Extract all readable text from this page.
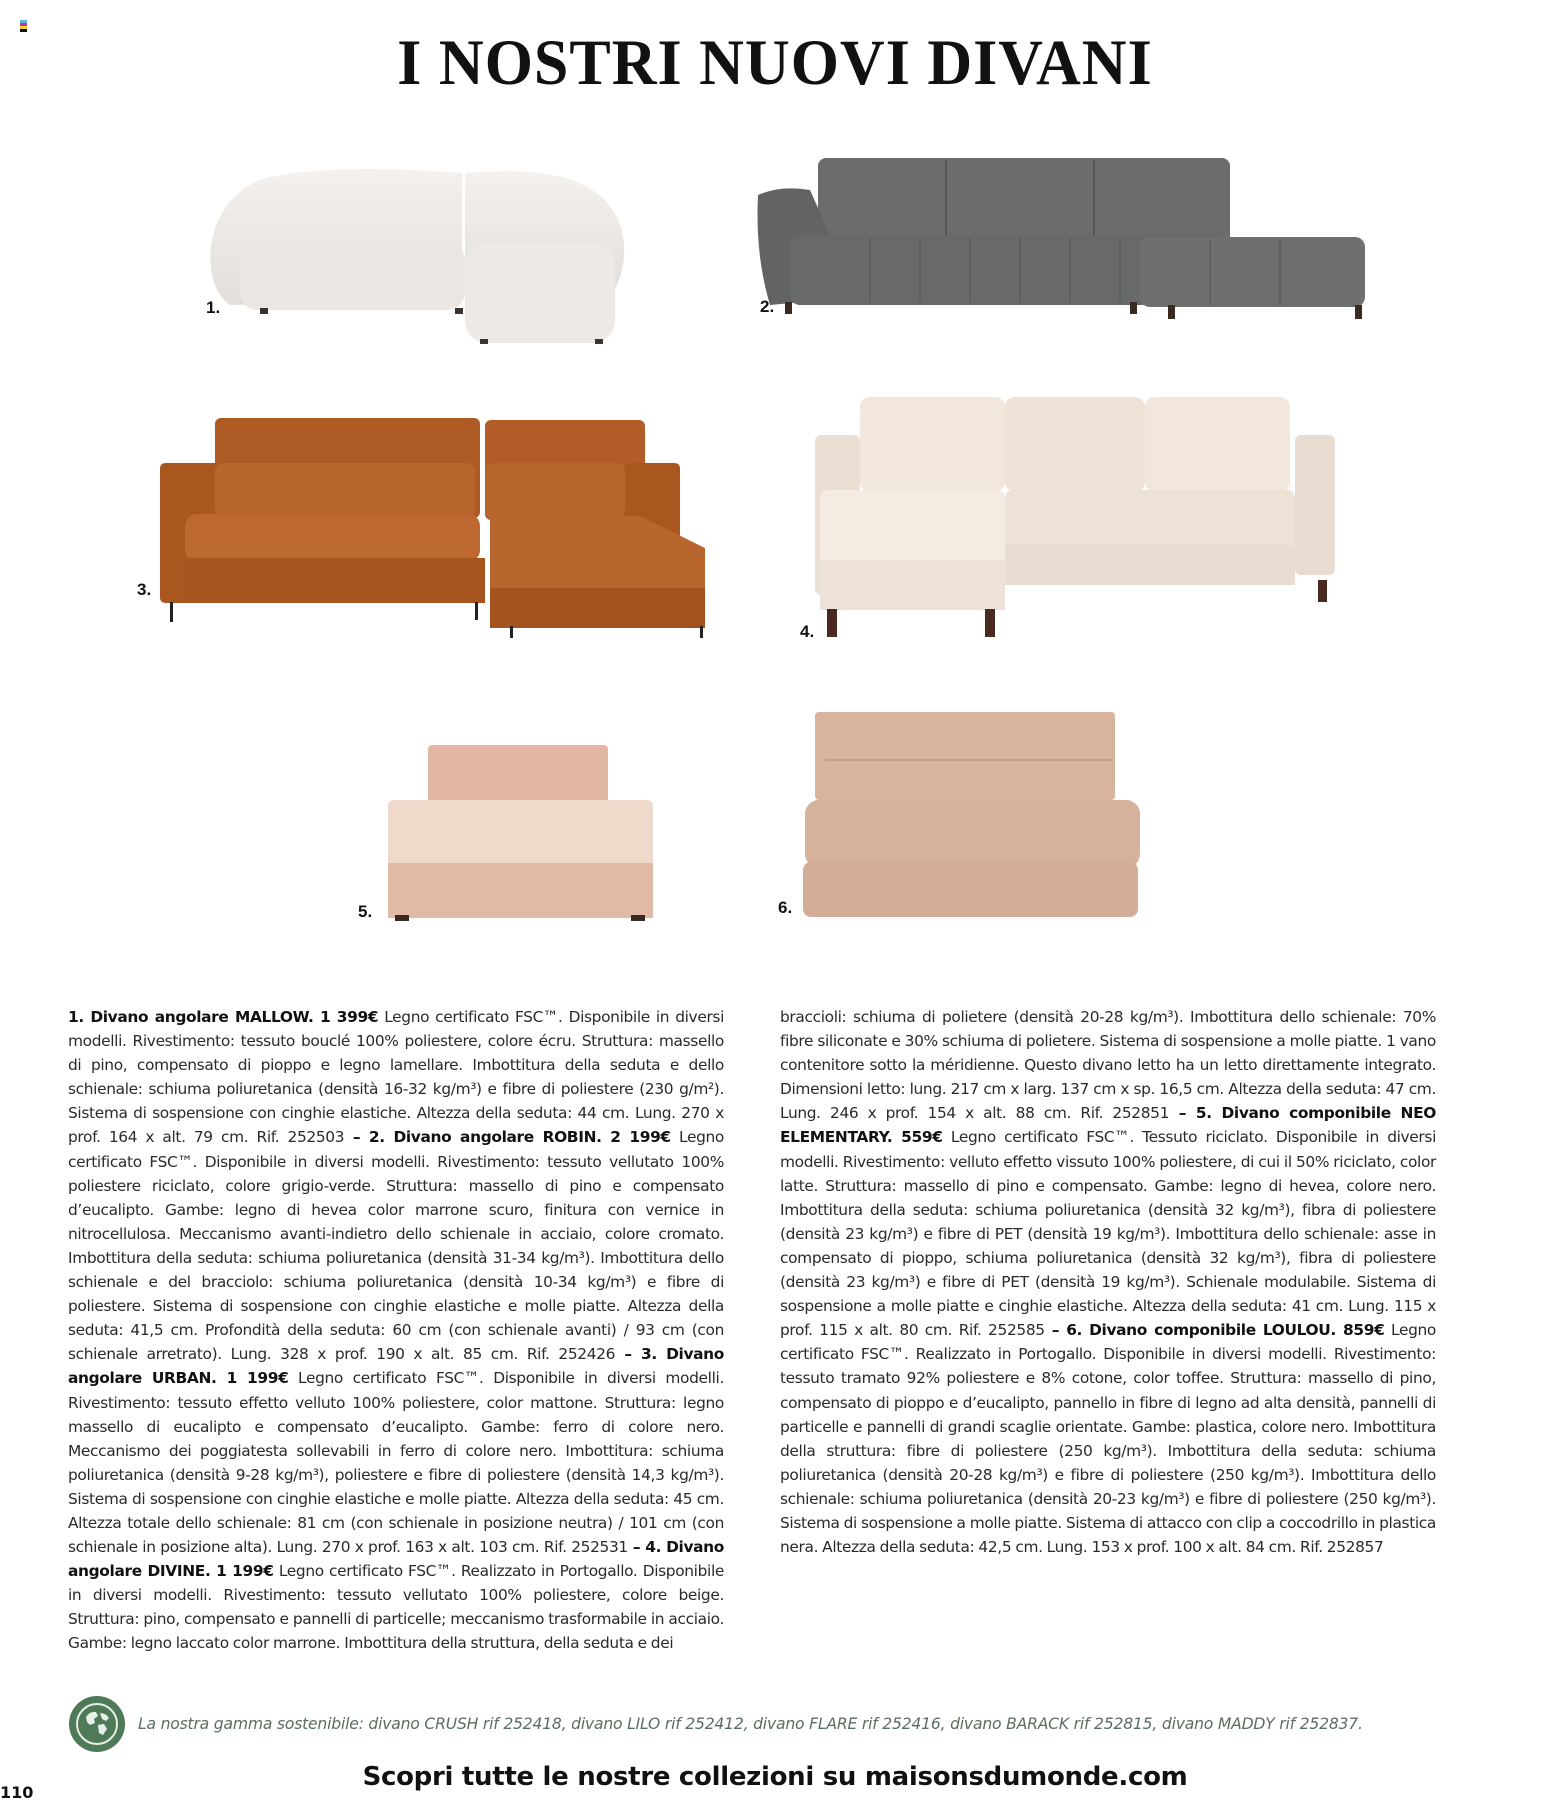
I NOSTRI NUOVI DIVANI
1.	2.
3.
4.
5.	6.
1. Divano angolare MALLOW. 1 399€ Legno certificato FSC™. Disponibile in diversi modelli. Rivestimento: tessuto bouclé 100% poliestere, colore écru. Struttura: massello di pino, compensato di pioppo e legno lamellare. Imbottitura della seduta e dello schienale: schiuma poliuretanica (densità 16-32 kg/m³) e fibre di poliestere (230 g/m²). Sistema di sospensione con cinghie elastiche. Altezza della seduta: 44 cm. Lung. 270 x prof. 164 x alt. 79 cm. Rif. 252503 – 2. Divano angolare ROBIN. 2 199€ Legno certificato FSC™. Disponibile in diversi modelli. Rivestimento: tessuto vellutato 100% poliestere riciclato, colore grigio-verde. Struttura: massello di pino e compensato d’eucalipto. Gambe: legno di hevea color marrone scuro, finitura con vernice in nitrocellulosa. Meccanismo avanti-indietro dello schienale in acciaio, colore cromato. Imbottitura della seduta: schiuma poliuretanica (densità 31-34 kg/m³). Imbottitura dello schienale e del bracciolo: schiuma poliuretanica (densità 10-34 kg/m³) e fibre di poliestere. Sistema di sospensione con cinghie elastiche e molle piatte. Altezza della seduta: 41,5 cm. Profondità della seduta: 60 cm (con schienale avanti) / 93 cm (con schienale arretrato). Lung. 328 x prof. 190 x alt. 85 cm. Rif. 252426 – 3. Divano angolare URBAN. 1 199€ Legno certificato FSC™. Disponibile in diversi modelli. Rivestimento: tessuto effetto velluto 100% poliestere, color mattone. Struttura: legno massello di eucalipto e compensato d’eucalipto. Gambe: ferro di colore nero. Meccanismo dei poggiatesta sollevabili in ferro di colore nero. Imbottitura: schiuma poliuretanica (densità 9-28 kg/m³), poliestere e fibre di poliestere (densità 14,3 kg/m³). Sistema di sospensione con cinghie elastiche e molle piatte. Altezza della seduta: 45 cm. Altezza totale dello schienale: 81 cm (con schienale in posizione neutra) / 101 cm (con schienale in posizione alta). Lung. 270 x prof. 163 x alt. 103 cm. Rif. 252531 – 4. Divano angolare DIVINE. 1 199€ Legno certificato FSC™. Realizzato in Portogallo. Disponibile in diversi modelli. Rivestimento: tessuto vellutato 100% poliestere, colore beige. Struttura: pino, compensato e pannelli di particelle; meccanismo trasformabile in acciaio. Gambe: legno laccato color marrone. Imbottitura della struttura, della seduta e dei
braccioli: schiuma di polietere (densità 20-28 kg/m³). Imbottitura dello schienale: 70% fibre siliconate e 30% schiuma di polietere. Sistema di sospensione a molle piatte. 1 vano contenitore sotto la méridienne. Questo divano letto ha un letto direttamente integrato. Dimensioni letto: lung. 217 cm x larg. 137 cm x sp. 16,5 cm. Altezza della seduta: 47 cm. Lung. 246 x prof. 154 x alt. 88 cm. Rif. 252851 – 5. Divano componibile NEO ELEMENTARY. 559€ Legno certificato FSC™. Tessuto riciclato. Disponibile in diversi modelli. Rivestimento: velluto effetto vissuto 100% poliestere, di cui il 50% riciclato, color latte. Struttura: massello di pino e compensato. Gambe: legno di hevea, colore nero. Imbottitura della seduta: schiuma poliuretanica (densità 32 kg/m³), fibra di poliestere (densità 23 kg/m³) e fibre di PET (densità 19 kg/m³). Imbottitura dello schienale: asse in compensato di pioppo, schiuma poliuretanica (densità 32 kg/m³), fibra di poliestere (densità 23 kg/m³) e fibre di PET (densità 19 kg/m³). Schienale modulabile. Sistema di sospensione a molle piatte e cinghie elastiche. Altezza della seduta: 41 cm. Lung. 115 x prof. 115 x alt. 80 cm. Rif. 252585 – 6. Divano componibile LOULOU. 859€ Legno certificato FSC™. Realizzato in Portogallo. Disponibile in diversi modelli. Rivestimento: tessuto tramato 92% poliestere e 8% cotone, color toffee. Struttura: massello di pino, compensato di pioppo e d’eucalipto, pannello in fibre di legno ad alta densità, pannelli di particelle e pannelli di grandi scaglie orientate. Gambe: plastica, colore nero. Imbottitura della struttura: fibre di poliestere (250 kg/m³). Imbottitura della seduta: schiuma poliuretanica (densità 20-28 kg/m³) e fibre di poliestere (250 kg/m³). Imbottitura dello schienale: schiuma poliuretanica (densità 20-23 kg/m³) e fibre di poliestere (250 kg/m³). Sistema di sospensione a molle piatte. Sistema di attacco con clip a coccodrillo in plastica nera. Altezza della seduta: 42,5 cm. Lung. 153 x prof. 100 x alt. 84 cm. Rif. 252857
La nostra gamma sostenibile: divano CRUSH rif 252418, divano LILO rif 252412, divano FLARE rif 252416, divano BARACK rif 252815, divano MADDY rif 252837.
Scopri tutte le nostre collezioni su maisonsdumonde.com
110
